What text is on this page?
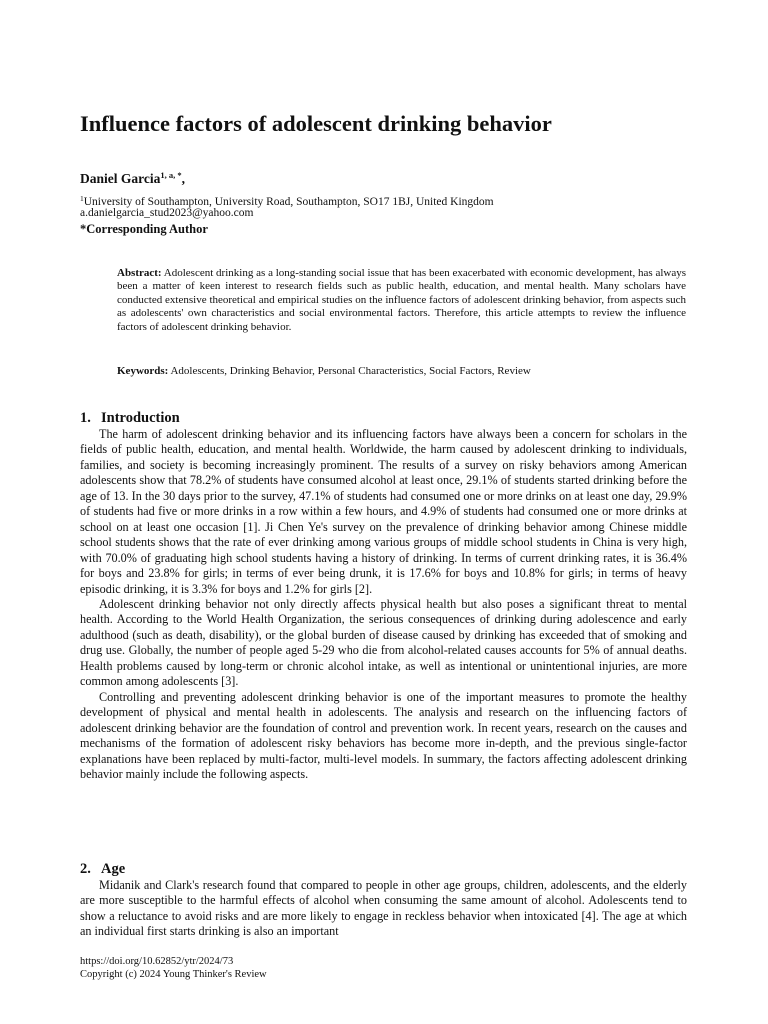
Influence factors of adolescent drinking behavior
Daniel Garcia$^{1, a, *}$,
$^1$University of Southampton, University Road, Southampton, SO17 1BJ, United Kingdom
a.danielgarcia_stud2023@yahoo.com
*Corresponding Author

Abstract: Adolescent drinking as a long-standing social issue that has been exacerbated with economic development, has always been a matter of keen interest to research fields such as public health, education, and mental health. Many scholars have conducted extensive theoretical and empirical studies on the influence factors of adolescent drinking behavior, from aspects such as adolescents' own characteristics and social environmental factors. Therefore, this article attempts to review the influence factors of adolescent drinking behavior.

Keywords: Adolescents, Drinking Behavior, Personal Characteristics, Social Factors, Review

1. Introduction

The harm of adolescent drinking behavior and its influencing factors have always been a concern for scholars in the fields of public health, education, and mental health. Worldwide, the harm caused by adolescent drinking to individuals, families, and society is becoming increasingly prominent. The results of a survey on risky behaviors among American adolescents show that 78.2% of students have consumed alcohol at least once, 29.1% of students started drinking before the age of 13. In the 30 days prior to the survey, 47.1% of students had consumed one or more drinks on at least one day, 29.9% of students had five or more drinks in a row within a few hours, and 4.9% of students had consumed one or more drinks at school on at least one occasion [1]. Ji Chen Ye's survey on the prevalence of drinking behavior among Chinese middle school students shows that the rate of ever drinking among various groups of middle school students in China is very high, with 70.0% of graduating high school students having a history of drinking. In terms of current drinking rates, it is 36.4% for boys and 23.8% for girls; in terms of ever being drunk, it is 17.6% for boys and 10.8% for girls; in terms of heavy episodic drinking, it is 3.3% for boys and 1.2% for girls [2].

Adolescent drinking behavior not only directly affects physical health but also poses a significant threat to mental health. According to the World Health Organization, the serious consequences of drinking during adolescence and early adulthood (such as death, disability), or the global burden of disease caused by drinking has exceeded that of smoking and drug use. Globally, the number of people aged 5-29 who die from alcohol-related causes accounts for 5% of annual deaths. Health problems caused by long-term or chronic alcohol intake, as well as intentional or unintentional injuries, are more common among adolescents [3].

Controlling and preventing adolescent drinking behavior is one of the important measures to promote the healthy development of physical and mental health in adolescents. The analysis and research on the influencing factors of adolescent drinking behavior are the foundation of control and prevention work. In recent years, research on the causes and mechanisms of the formation of adolescent risky behaviors has become more in-depth, and the previous single-factor explanations have been replaced by multi-factor, multi-level models. In summary, the factors affecting adolescent drinking behavior mainly include the following aspects.

2. Age

Midanik and Clark's research found that compared to people in other age groups, children, adolescents, and the elderly are more susceptible to the harmful effects of alcohol when consuming the same amount of alcohol. Adolescents tend to show a reluctance to avoid risks and are more likely to engage in reckless behavior when intoxicated [4]. The age at which an individual first starts drinking is also an important

https://doi.org/10.62852/ytr/2024/73
Copyright (c) 2024 Young Thinker's Review
